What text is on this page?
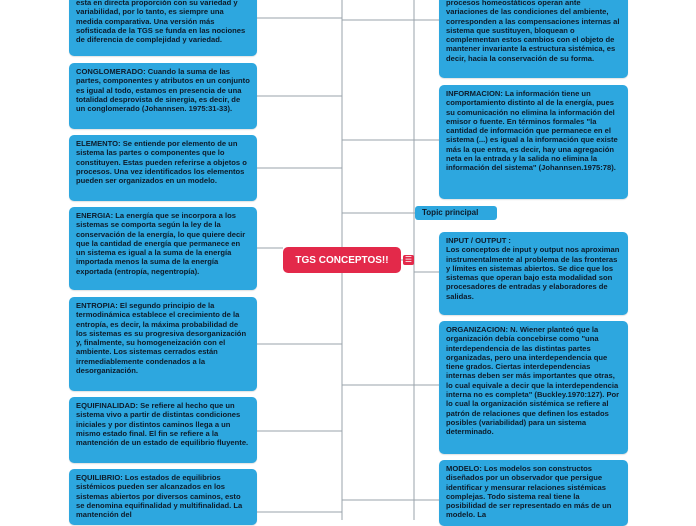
esta en directa proporción con su variedad y variabilidad, por lo tanto, es siempre una medida comparativa. Una versión más sofisticada de la TGS se funda en las nociones de diferencia de complejidad y variedad.
CONGLOMERADO: Cuando la suma de las partes, componentes y atributos en un conjunto es igual al todo, estamos en presencia de una totalidad desprovista de sinergia, es decir, de un conglomerado (Johannsen. 1975:31-33).
ELEMENTO: Se entiende por elemento de un sistema las partes o componentes que lo constituyen. Estas pueden referirse a objetos o procesos. Una vez identificados los elementos pueden ser organizados en un modelo.
ENERGIA: La energía que se incorpora a los sistemas se comporta según la ley de la conservación de la energía, lo que quiere decir que la cantidad de energía que permanece en un sistema es igual a la suma de la energía importada menos la suma de la energía exportada (entropía, negentropía).
ENTROPIA: El segundo principio de la termodinámica establece el crecimiento de la entropía, es decir, la máxima probabilidad de los sistemas es su progresiva desorganización y, finalmente, su homogeneización con el ambiente. Los sistemas cerrados están irremediablemente condenados a la desorganización.
EQUIFINALIDAD: Se refiere al hecho que un sistema vivo a partir de distintas condiciones iniciales y por distintos caminos llega a un mismo estado final. El fin se refiere a la mantención de un estado de equilibrio fluyente.
EQUILIBRIO: Los estados de equilibrios sistémicos pueden ser alcanzados en los sistemas abiertos por diversos caminos, esto se denomina equifinalidad y multifinalidad. La mantención del
TGS CONCEPTOS!! ☰
Topic principal
procesos homeostáticos operan ante variaciones de las condiciones del ambiente, corresponden a las compensaciones internas al sistema que sustituyen, bloquean o complementan estos cambios con el objeto de mantener invariante la estructura sistémica, es decir, hacia la conservación de su forma.
INFORMACION: La información tiene un comportamiento distinto al de la energía, pues su comunicación no elimina la información del emisor o fuente. En términos formales "la cantidad de información que permanece en el sistema (...) es igual a la información que existe más la que entra, es decir, hay una agregación neta en la entrada y la salida no elimina la información del sistema" (Johannsen.1975:78).
INPUT / OUTPUT :
Los conceptos de input y output nos aproximan instrumentalmente al problema de las fronteras y límites en sistemas abiertos. Se dice que los sistemas que operan bajo esta modalidad son procesadores de entradas y elaboradores de salidas.
ORGANIZACION: N. Wiener planteó que la organización debía concebirse como "una interdependencia de las distintas partes organizadas, pero una interdependencia que tiene grados. Ciertas interdependencias internas deben ser más importantes que otras, lo cual equivale a decir que la interdependencia interna no es completa" (Buckley.1970:127). Por lo cual la organización sistémica se refiere al patrón de relaciones que definen los estados posibles (variabilidad) para un sistema determinado.
MODELO: Los modelos son constructos diseñados por un observador que persigue identificar y mensurar relaciones sistémicas complejas. Todo sistema real tiene la posibilidad de ser representado en más de un modelo. La
